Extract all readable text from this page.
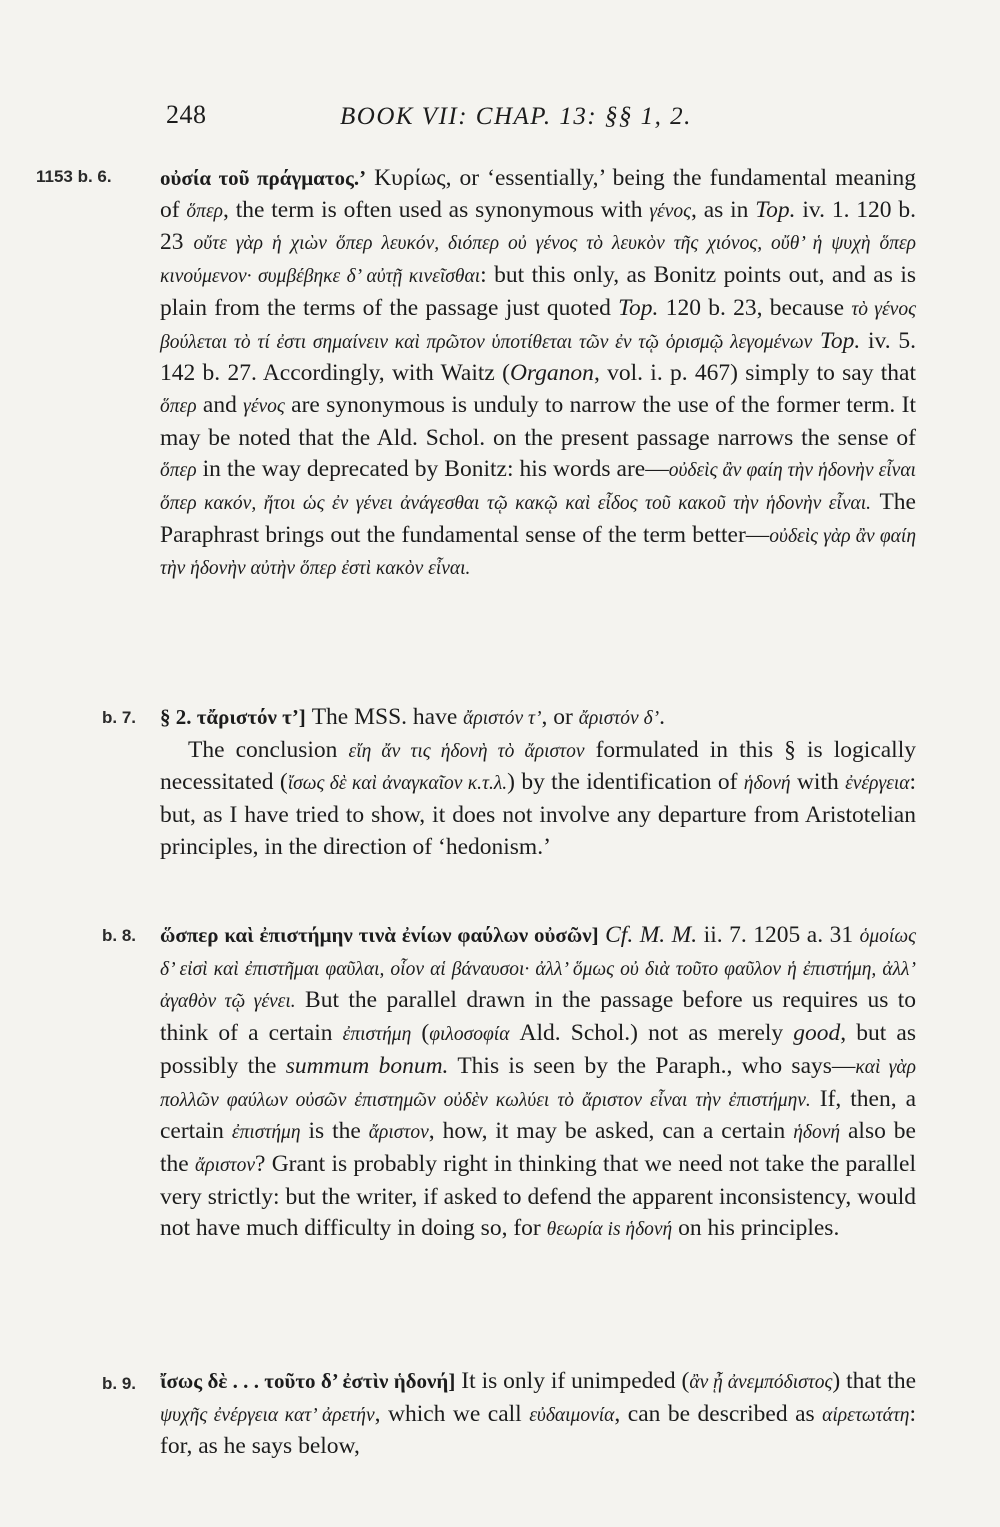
248	BOOK VII: CHAP. 13: §§ 1, 2.
1153 b. 6. οὐσία τοῦ πράγματος.’ Κυρίως, or ‘essentially,’ being the fundamental meaning of ὅπερ, the term is often used as synonymous with γένος, as in Top. iv. 1. 120 b. 23 οὔτε γὰρ ἡ χιὼν ὅπερ λευκόν, διόπερ οὐ γένος τὸ λευκὸν τῆς χιόνος, οὔθ’ ἡ ψυχὴ ὅπερ κινούμενον· συμβέβηκε δ’ αὐτῇ κινεῖσθαι: but this only, as Bonitz points out, and as is plain from the terms of the passage just quoted Top. 120 b. 23, because τὸ γένος βούλεται τὸ τί ἐστι σημαίνειν καὶ πρῶτον ὑποτίθεται τῶν ἐν τῷ ὁρισμῷ λεγομένων Top. iv. 5. 142 b. 27. Accordingly, with Waitz (Organon, vol. i. p. 467) simply to say that ὅπερ and γένος are synonymous is unduly to narrow the use of the former term. It may be noted that the Ald. Schol. on the present passage narrows the sense of ὅπερ in the way deprecated by Bonitz: his words are—οὐδεὶς ἂν φαίη τὴν ἡδονὴν εἶναι ὅπερ κακόν, ἤτοι ὡς ἐν γένει ἀνάγεσθαι τῷ κακῷ καὶ εἶδος τοῦ κακοῦ τὴν ἡδονὴν εἶναι. The Paraphrast brings out the fundamental sense of the term better—οὐδεὶς γὰρ ἂν φαίη τὴν ἡδονὴν αὐτὴν ὅπερ ἐστὶ κακὸν εἶναι.
b. 7. § 2. τἄριστόν τ’] The MSS. have ἄριστόν τ’, or ἄριστόν δ’.
The conclusion εἴη ἄν τις ἡδονὴ τὸ ἄριστον formulated in this § is logically necessitated (ἴσως δὲ καὶ ἀναγκαῖον κ.τ.λ.) by the identification of ἡδονή with ἐνέργεια: but, as I have tried to show, it does not involve any departure from Aristotelian principles, in the direction of ‘hedonism.’
b. 8. ὥσπερ καὶ ἐπιστήμην τινὰ ἐνίων φαύλων οὐσῶν] Cf. M. M. ii. 7. 1205 a. 31 ὁμοίως δ’ εἰσὶ καὶ ἐπιστῆμαι φαῦλαι, οἷον αἱ βάναυσοι· ἀλλ’ ὅμως οὐ διὰ τοῦτο φαῦλον ἡ ἐπιστήμη, ἀλλ’ ἀγαθὸν τῷ γένει. But the parallel drawn in the passage before us requires us to think of a certain ἐπιστήμη (φιλοσοφία Ald. Schol.) not as merely good, but as possibly the summum bonum. This is seen by the Paraph., who says—καὶ γὰρ πολλῶν φαύλων οὐσῶν ἐπιστημῶν οὐδὲν κωλύει τὸ ἄριστον εἶναι τὴν ἐπιστήμην. If, then, a certain ἐπιστήμη is the ἄριστον, how, it may be asked, can a certain ἡδονή also be the ἄριστον? Grant is probably right in thinking that we need not take the parallel very strictly: but the writer, if asked to defend the apparent inconsistency, would not have much difficulty in doing so, for θεωρία is ἡδονή on his principles.
b. 9. ἴσως δὲ . . . τοῦτο δ’ ἐστὶν ἡδονή] It is only if unimpeded (ἂν ᾖ ἀνεμπόδιστος) that the ψυχῆς ἐνέργεια κατ’ ἀρετήν, which we call εὐδαιμονία, can be described as αἱρετωτάτη: for, as he says below,
